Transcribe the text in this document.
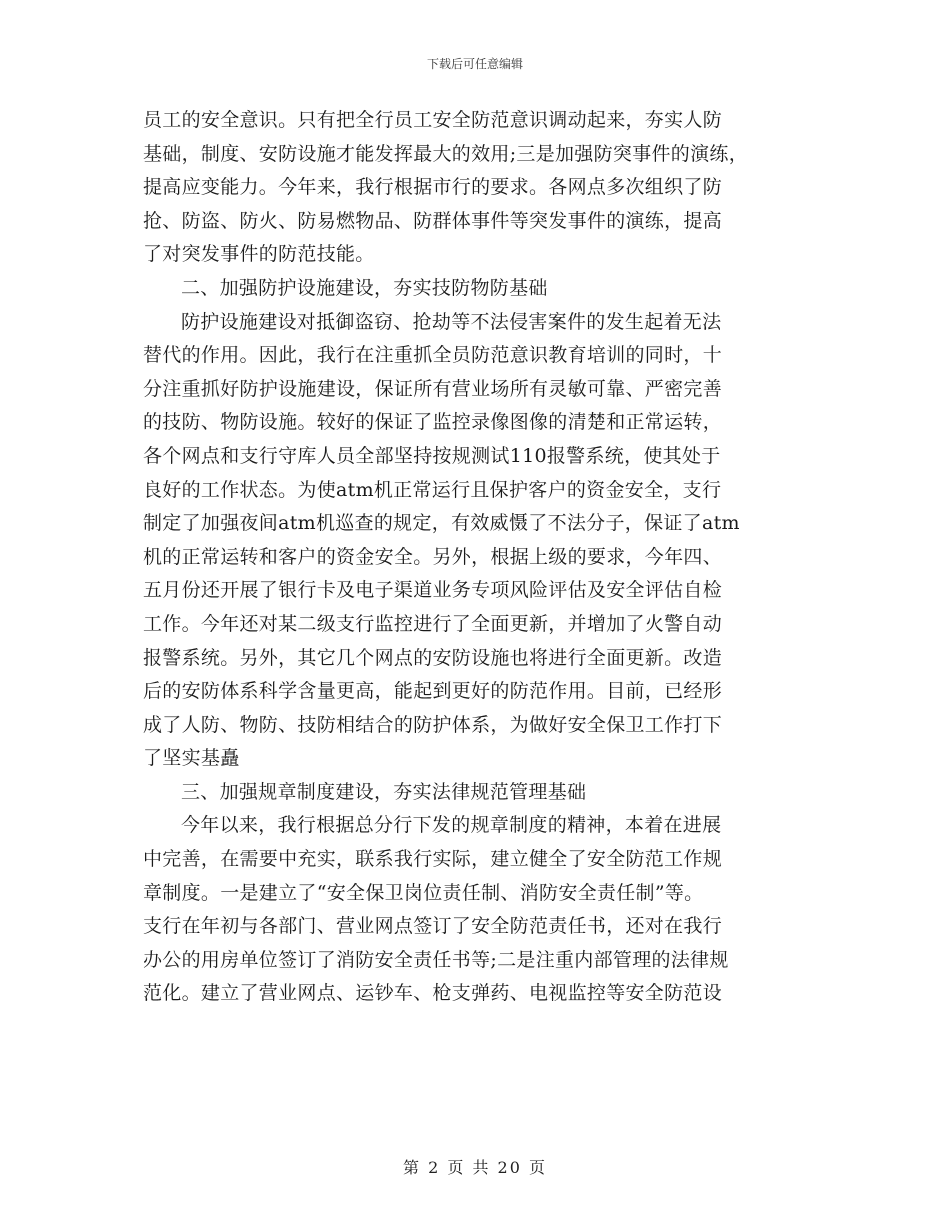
下载后可任意编辑
员工的安全意识。只有把全行员工安全防范意识调动起来，夯实人防
基础，制度、安防设施才能发挥最大的效用;三是加强防突事件的演练，
提高应变能力。今年来，我行根据市行的要求。各网点多次组织了防
抢、防盗、防火、防易燃物品、防群体事件等突发事件的演练，提高
了对突发事件的防范技能。
二、加强防护设施建设，夯实技防物防基础
防护设施建设对抵御盗窃、抢劫等不法侵害案件的发生起着无法
替代的作用。因此，我行在注重抓全员防范意识教育培训的同时，十
分注重抓好防护设施建设，保证所有营业场所有灵敏可靠、严密完善
的技防、物防设施。较好的保证了监控录像图像的清楚和正常运转，
各个网点和支行守库人员全部坚持按规测试110报警系统，使其处于
良好的工作状态。为使atm机正常运行且保护客户的资金安全，支行
制定了加强夜间atm机巡查的规定，有效威慑了不法分子，保证了atm
机的正常运转和客户的资金安全。另外，根据上级的要求，今年四、
五月份还开展了银行卡及电子渠道业务专项风险评估及安全评估自检
工作。今年还对某二级支行监控进行了全面更新，并增加了火警自动
报警系统。另外，其它几个网点的安防设施也将进行全面更新。改造
后的安防体系科学含量更高，能起到更好的防范作用。目前，已经形
成了人防、物防、技防相结合的防护体系，为做好安全保卫工作打下
了坚实基矗
三、加强规章制度建设，夯实法律规范管理基础
今年以来，我行根据总分行下发的规章制度的精神，本着在进展
中完善，在需要中充实，联系我行实际，建立健全了安全防范工作规
章制度。一是建立了“安全保卫岗位责任制、消防安全责任制”等。
支行在年初与各部门、营业网点签订了安全防范责任书，还对在我行
办公的用房单位签订了消防安全责任书等;二是注重内部管理的法律规
范化。建立了营业网点、运钞车、枪支弹药、电视监控等安全防范设
第 2 页 共 20 页
